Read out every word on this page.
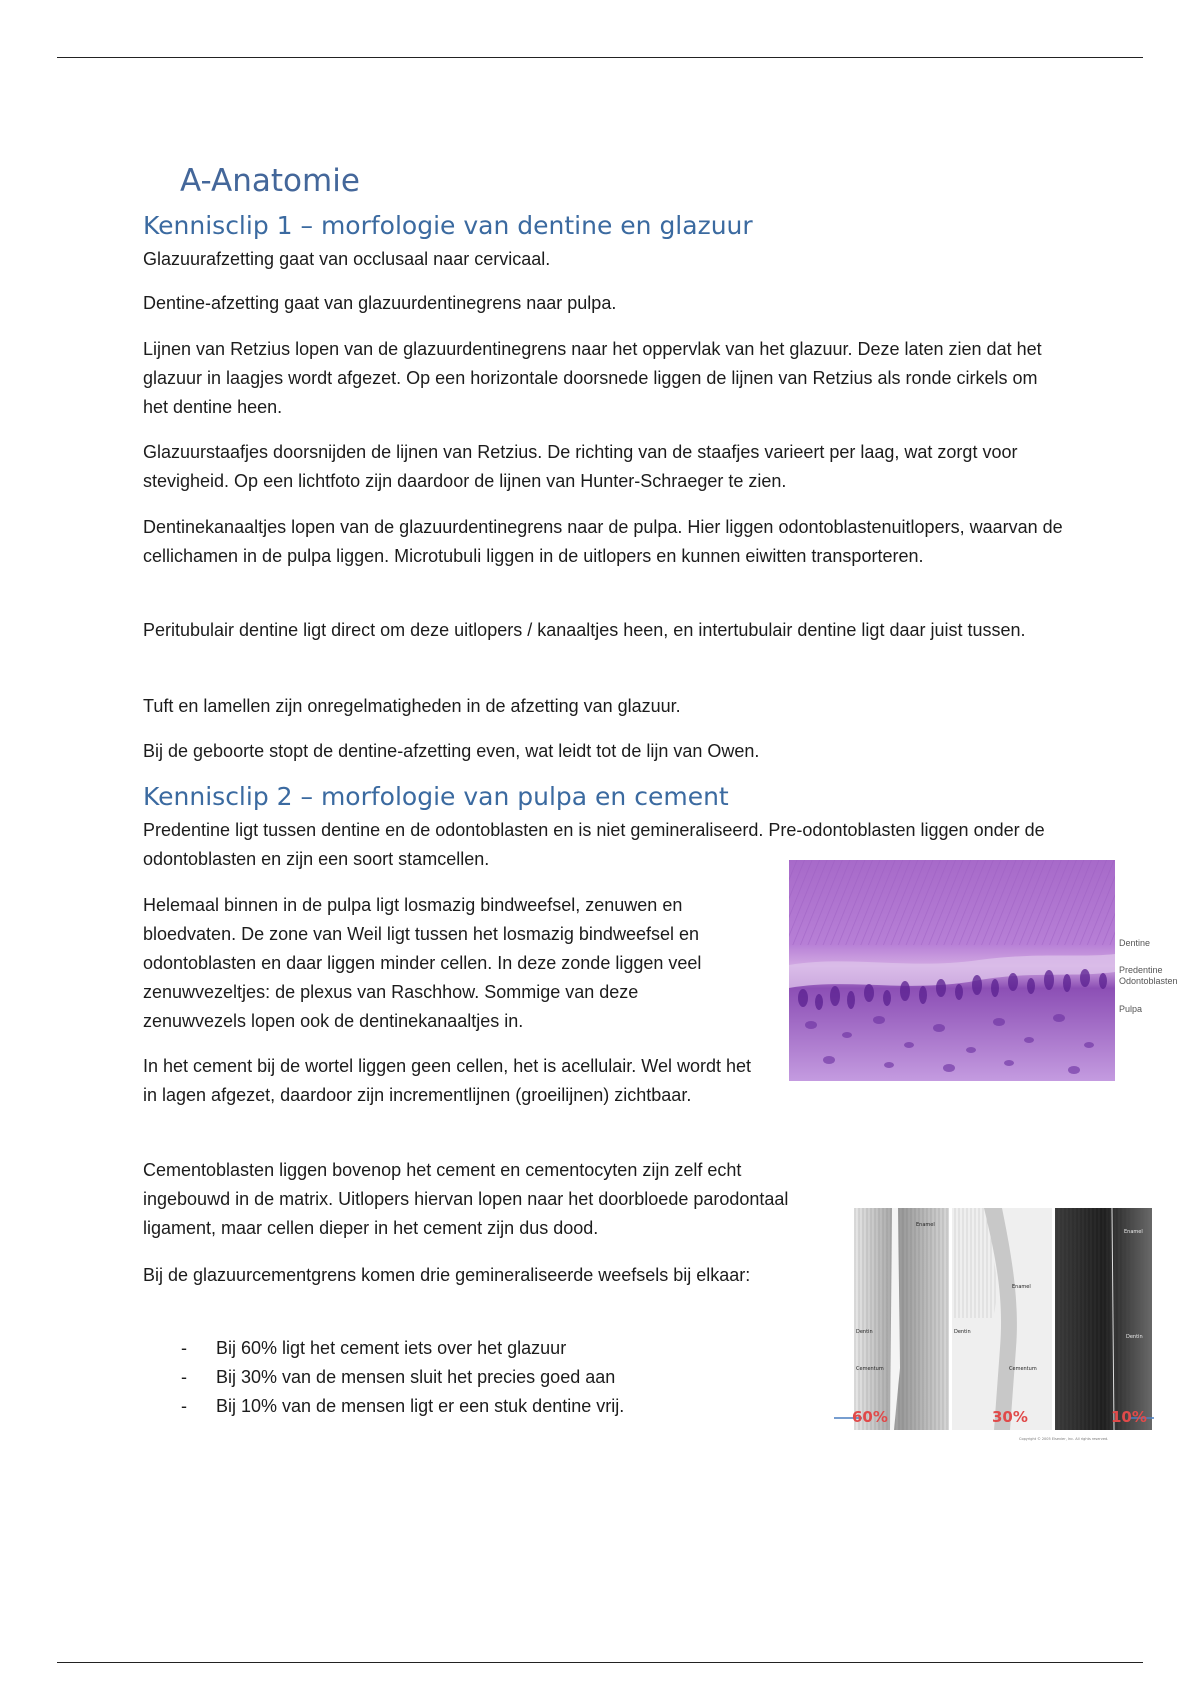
A-Anatomie
Kennisclip 1 – morfologie van dentine en glazuur

Glazuurafzetting gaat van occlusaal naar cervicaal.

Dentine-afzetting gaat van glazuurdentinegrens naar pulpa.

Lijnen van Retzius lopen van de glazuurdentinegrens naar het oppervlak van het glazuur. Deze laten zien dat het glazuur in laagjes wordt afgezet. Op een horizontale doorsnede liggen de lijnen van Retzius als ronde cirkels om het dentine heen.

Glazuurstaafjes doorsnijden de lijnen van Retzius. De richting van de staafjes varieert per laag, wat zorgt voor stevigheid. Op een lichtfoto zijn daardoor de lijnen van Hunter-Schraeger te zien.

Dentinekanaaltjes lopen van de glazuurdentinegrens naar de pulpa. Hier liggen odontoblastenuitlopers, waarvan de cellichamen in de pulpa liggen. Microtubuli liggen in de uitlopers en kunnen eiwitten transporteren.

Peritubulair dentine ligt direct om deze uitlopers / kanaaltjes heen, en intertubulair dentine ligt daar juist tussen.

Tuft en lamellen zijn onregelmatigheden in de afzetting van glazuur.

Bij de geboorte stopt de dentine-afzetting even, wat leidt tot de lijn van Owen.

Kennisclip 2 – morfologie van pulpa en cement

Predentine ligt tussen dentine en de odontoblasten en is niet gemineraliseerd. Pre-odontoblasten liggen onder de odontoblasten en zijn een soort stamcellen.

Helemaal binnen in de pulpa ligt losmazig bindweefsel, zenuwen en bloedvaten. De zone van Weil ligt tussen het losmazig bindweefsel en odontoblasten en daar liggen minder cellen. In deze zonde liggen veel zenuwvezeltjes: de plexus van Raschhow. Sommige van deze zenuwvezels lopen ook de dentinekanaaltjes in.

In het cement bij de wortel liggen geen cellen, het is acellulair. Wel wordt het in lagen afgezet, daardoor zijn incrementlijnen (groeilijnen) zichtbaar.

Cementoblasten liggen bovenop het cement en cementocyten zijn zelf echt ingebouwd in de matrix. Uitlopers hiervan lopen naar het doorbloede parodontaal ligament, maar cellen dieper in het cement zijn dus dood.

Bij de glazuurcementgrens komen drie gemineraliseerde weefsels bij elkaar:

- Bij 60% ligt het cement iets over het glazuur
- Bij 30% van de mensen sluit het precies goed aan
- Bij 10% van de mensen ligt er een stuk dentine vrij.
Dentine
Predentine
Odontoblasten
Pulpa
Enamel
Enamel
Enamel
Dentin	Dentin
Dentin
Cementum	Cementum
60%	30%	10%
Copyright © 2005 Elsevier, Inc. All rights reserved.
